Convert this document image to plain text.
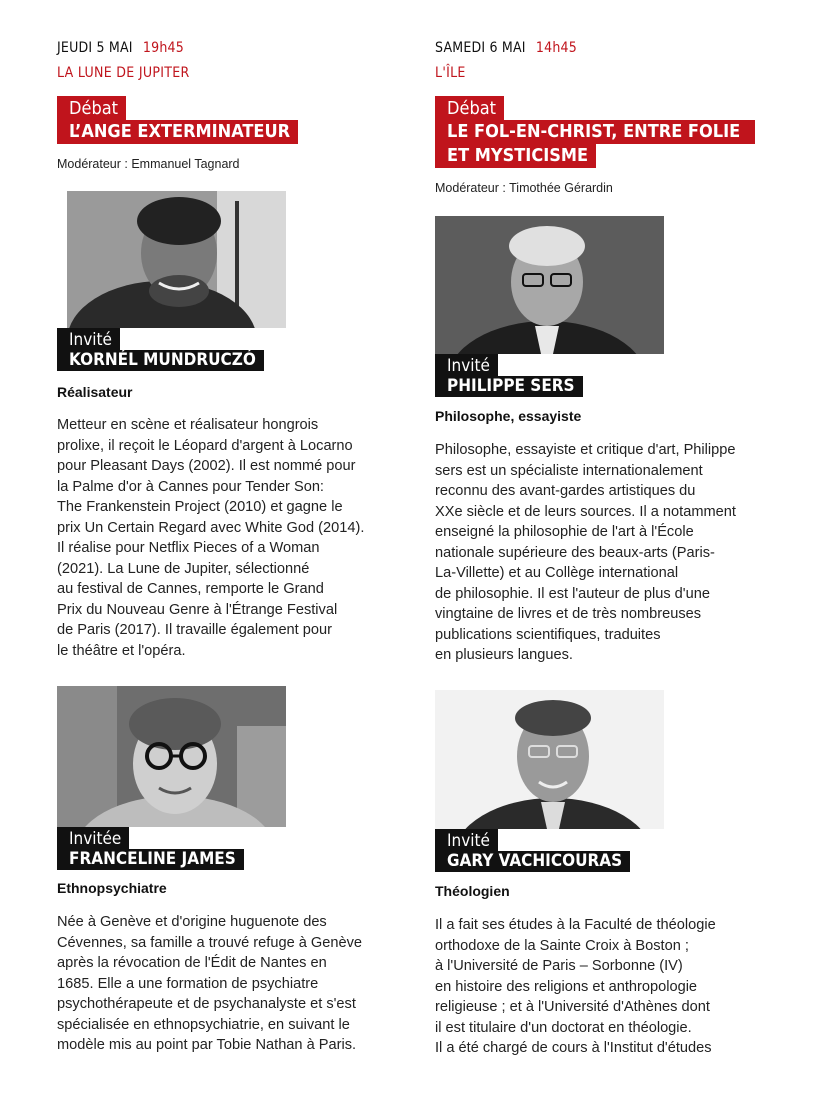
JEUDI 5 MAI 19h45
LA LUNE DE JUPITER
Débat
L’ANGE EXTERMINATEUR
Modérateur : Emmanuel Tagnard
Invité
KORNÉL MUNDRUCZÓ
Réalisateur

Metteur en scène et réalisateur hongrois

prolixe, il reçoit le Léopard d'argent à Locarno

pour Pleasant Days (2002). Il est nommé pour

la Palme d'or à Cannes pour Tender Son:

The Frankenstein Project (2010) et gagne le

prix Un Certain Regard avec White God (2014).

Il réalise pour Netflix Pieces of a Woman

(2021). La Lune de Jupiter, sélectionné

au festival de Cannes, remporte le Grand

Prix du Nouveau Genre à l'Étrange Festival

de Paris (2017). Il travaille également pour

le théâtre et l'opéra.

Invitée
FRANCELINE JAMES
Ethnopsychiatre

Née à Genève et d'origine huguenote des

Cévennes, sa famille a trouvé refuge à Genève

après la révocation de l'Édit de Nantes en

1685. Elle a une formation de psychiatre

psychothérapeute et de psychanalyste et s'est

spécialisée en ethnopsychiatrie, en suivant le

modèle mis au point par Tobie Nathan à Paris.

SAMEDI 6 MAI 14h45
L'ÎLE
Débat
LE FOL-EN-CHRIST, ENTRE FOLIE
ET MYSTICISME
Modérateur : Timothée Gérardin
Invité
PHILIPPE SERS
Philosophe, essayiste

Philosophe, essayiste et critique d'art, Philippe

sers est un spécialiste internationalement

reconnu des avant-gardes artistiques du

XXe siècle et de leurs sources. Il a notamment

enseigné la philosophie de l'art à l'École

nationale supérieure des beaux-arts (Paris-

La-Villette) et au Collège international

de philosophie. Il est l'auteur de plus d'une

vingtaine de livres et de très nombreuses

publications scientifiques, traduites

en plusieurs langues.

Invité
GARY VACHICOURAS
Théologien

Il a fait ses études à la Faculté de théologie

orthodoxe de la Sainte Croix à Boston ;

à l'Université de Paris – Sorbonne (IV)

en histoire des religions et anthropologie

religieuse ; et à l'Université d'Athènes dont

il est titulaire d'un doctorat en théologie.

Il a été chargé de cours à l'Institut d'études
